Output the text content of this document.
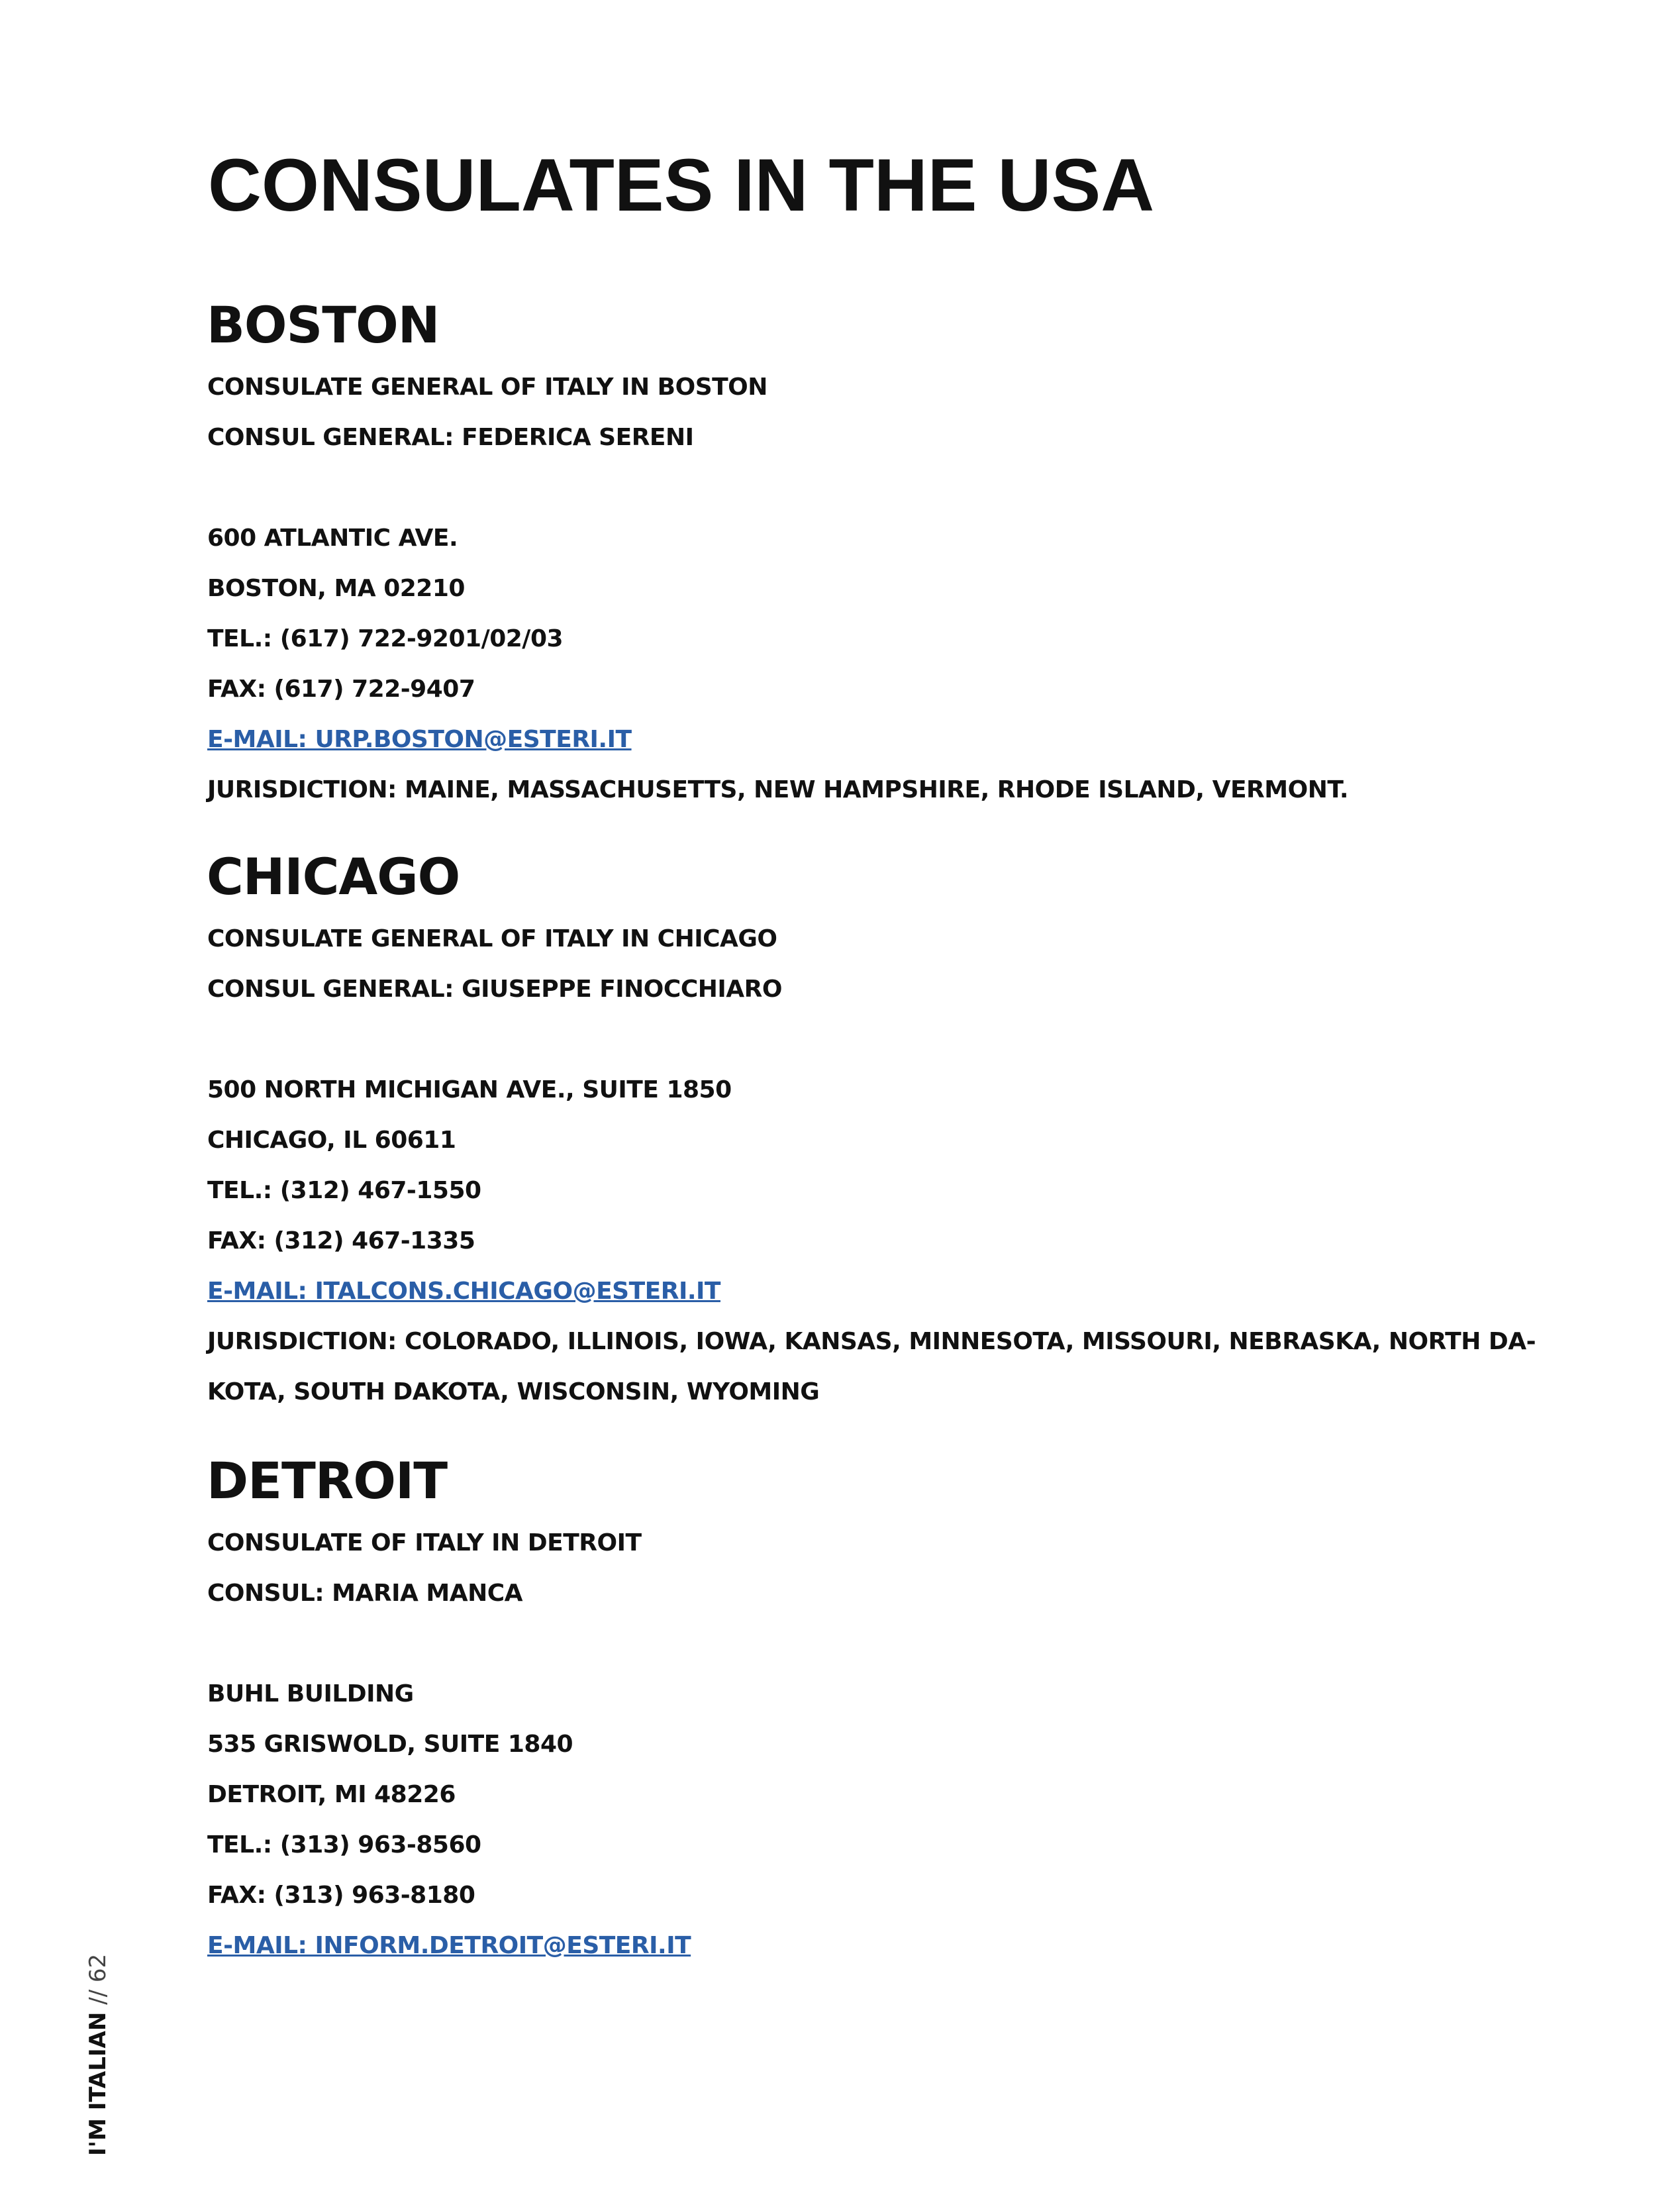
CONSULATES IN THE USA
BOSTON
CONSULATE GENERAL OF ITALY IN BOSTON
CONSUL GENERAL: FEDERICA SERENI
600 ATLANTIC AVE.
BOSTON, MA 02210
TEL.: (617) 722-9201/02/03
FAX: (617) 722-9407
E-MAIL: URP.BOSTON@ESTERI.IT
JURISDICTION: MAINE, MASSACHUSETTS, NEW HAMPSHIRE, RHODE ISLAND, VERMONT.
CHICAGO
CONSULATE GENERAL OF ITALY IN CHICAGO
CONSUL GENERAL: GIUSEPPE FINOCCHIARO
500 NORTH MICHIGAN AVE., SUITE 1850
CHICAGO, IL 60611
TEL.: (312) 467-1550
FAX: (312) 467-1335
E-MAIL: ITALCONS.CHICAGO@ESTERI.IT
JURISDICTION: COLORADO, ILLINOIS, IOWA, KANSAS, MINNESOTA, MISSOURI, NEBRASKA, NORTH DA-
KOTA, SOUTH DAKOTA, WISCONSIN, WYOMING
DETROIT
CONSULATE OF ITALY IN DETROIT
CONSUL: MARIA MANCA
BUHL BUILDING
535 GRISWOLD, SUITE 1840
DETROIT, MI 48226
TEL.: (313) 963-8560
FAX: (313) 963-8180
E-MAIL: INFORM.DETROIT@ESTERI.IT
I'M ITALIAN // 62
